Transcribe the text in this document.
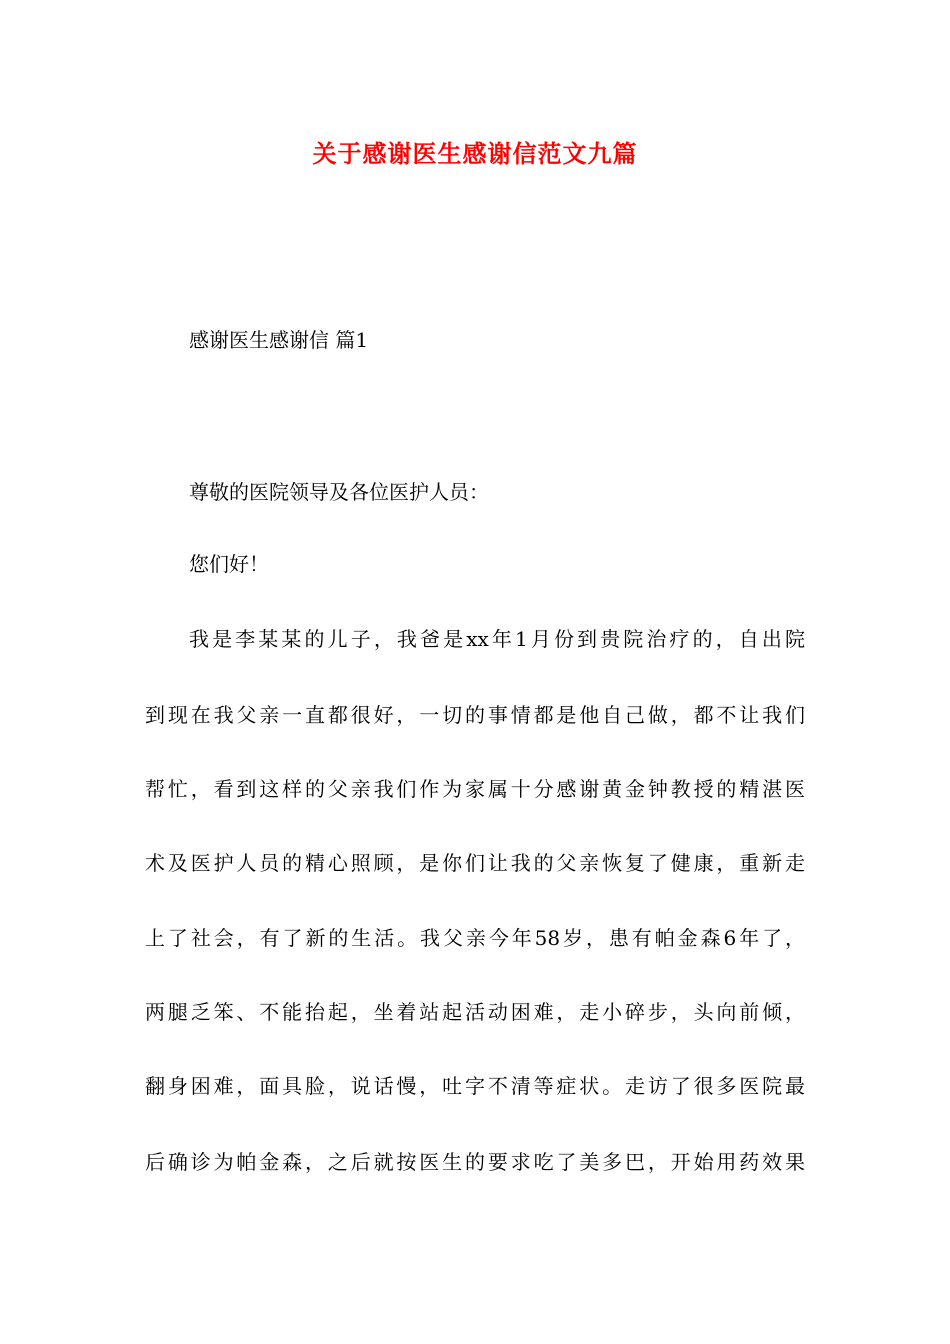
关于感谢医生感谢信范文九篇
感谢医生感谢信 篇1
尊敬的医院领导及各位医护人员：
您们好！
我是李某某的儿子，我爸是xx年1月份到贵院治疗的，自出院
到现在我父亲一直都很好，一切的事情都是他自己做，都不让我们
帮忙，看到这样的父亲我们作为家属十分感谢黄金钟教授的精湛医
术及医护人员的精心照顾，是你们让我的父亲恢复了健康，重新走
上了社会，有了新的生活。我父亲今年58岁，患有帕金森6年了，
两腿乏笨、不能抬起，坐着站起活动困难，走小碎步，头向前倾，
翻身困难，面具脸，说话慢，吐字不清等症状。走访了很多医院最
后确诊为帕金森，之后就按医生的要求吃了美多巴，开始用药效果
